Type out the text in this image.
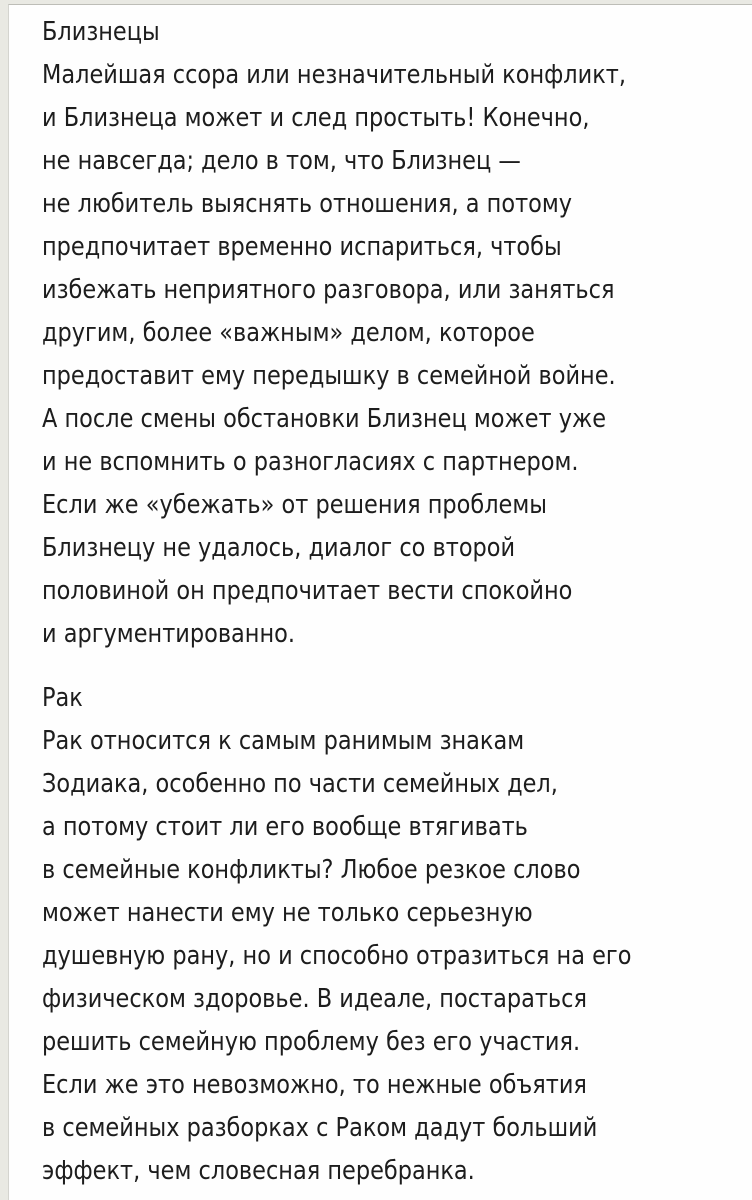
Близнецы
Малейшая ссора или незначительный конфликт,
и Близнеца может и след простыть! Конечно,
не навсегда; дело в том, что Близнец —
не любитель выяснять отношения, а потому
предпочитает временно испариться, чтобы
избежать неприятного разговора, или заняться
другим, более «важным» делом, которое
предоставит ему передышку в семейной войне.
А после смены обстановки Близнец может уже
и не вспомнить о разногласиях с партнером.
Если же «убежать» от решения проблемы
Близнецу не удалось, диалог со второй
половиной он предпочитает вести спокойно
и аргументированно.
Рак
Рак относится к самым ранимым знакам
Зодиака, особенно по части семейных дел,
а потому стоит ли его вообще втягивать
в семейные конфликты? Любое резкое слово
может нанести ему не только серьезную
душевную рану, но и способно отразиться на его
физическом здоровье. В идеале, постараться
решить семейную проблему без его участия.
Если же это невозможно, то нежные объятия
в семейных разборках с Раком дадут больший
эффект, чем словесная перебранка.
